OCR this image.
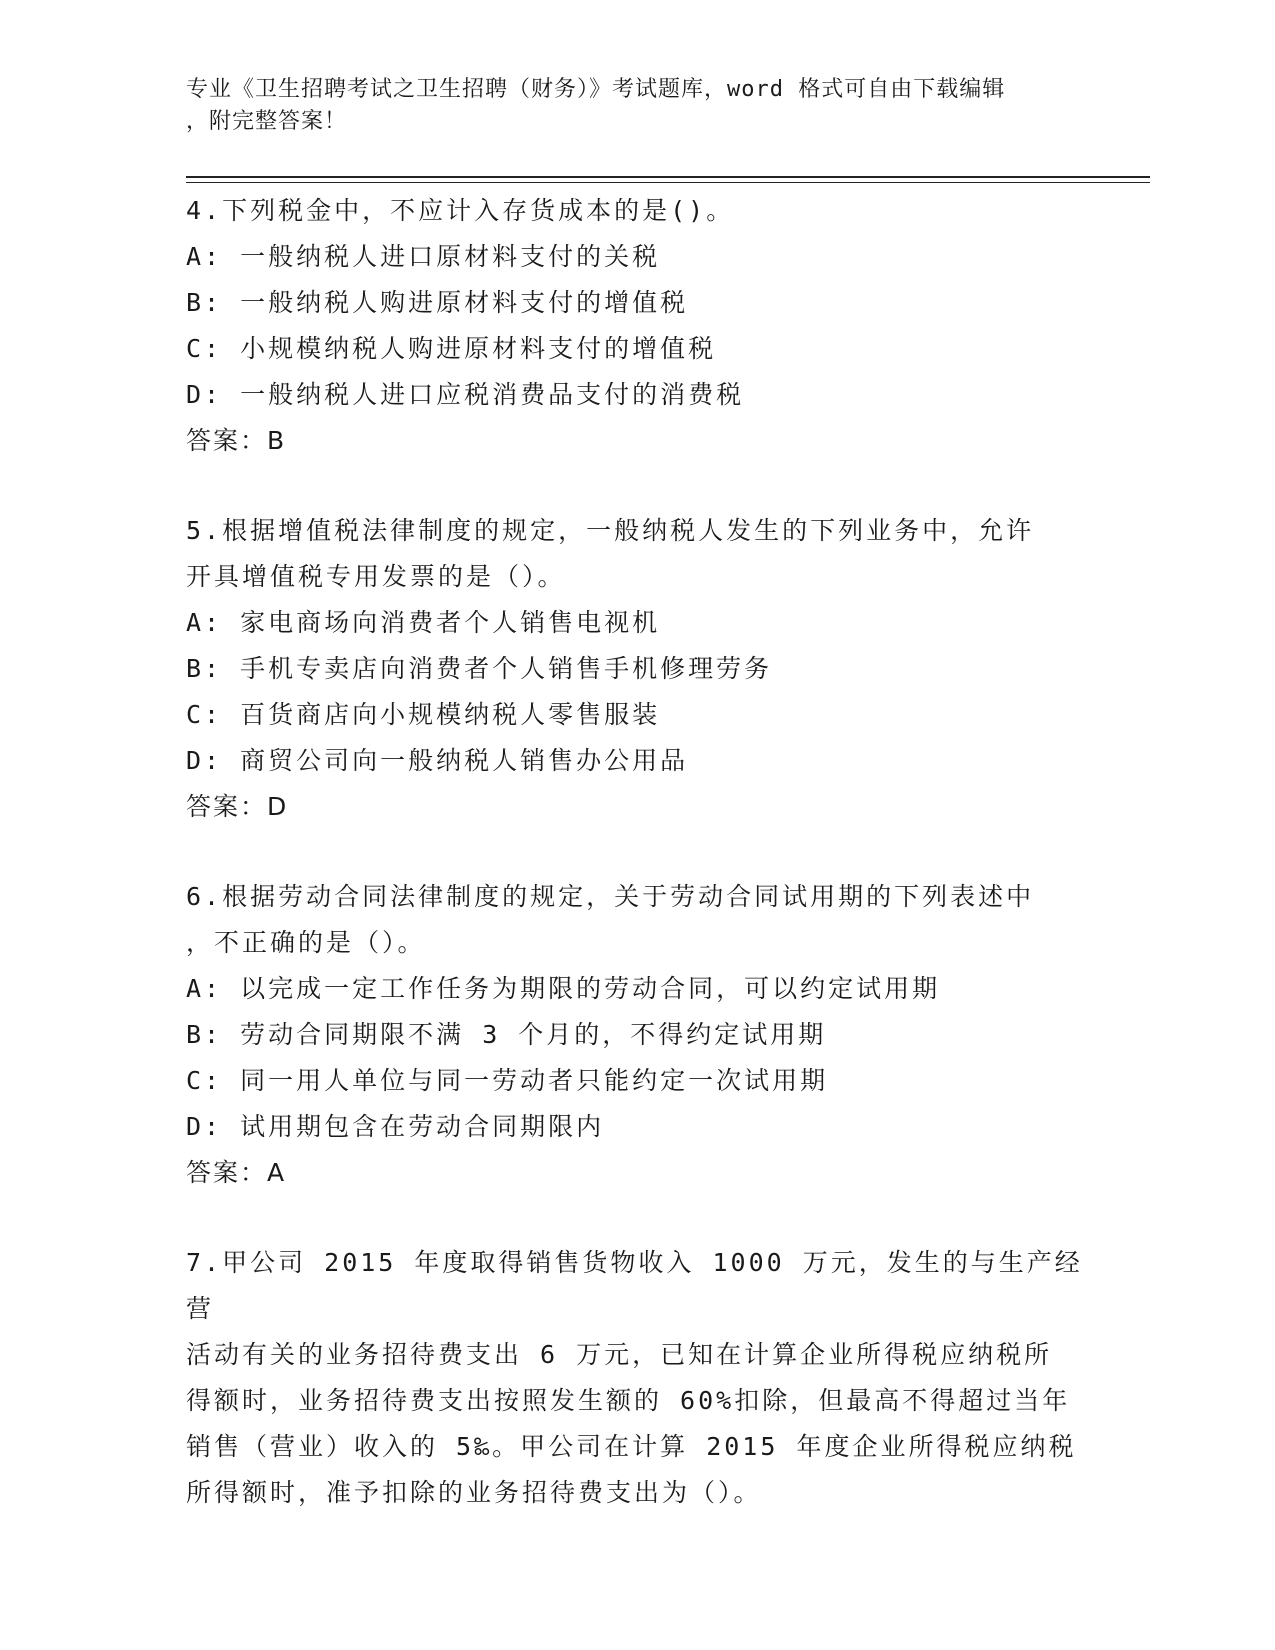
专业《卫生招聘考试之卫生招聘（财务）》考试题库，word 格式可自由下载编辑
，附完整答案！
4.下列税金中，不应计入存货成本的是()。
A: 一般纳税人进口原材料支付的关税
B: 一般纳税人购进原材料支付的增值税
C: 小规模纳税人购进原材料支付的增值税
D: 一般纳税人进口应税消费品支付的消费税
答案：B
5.根据增值税法律制度的规定，一般纳税人发生的下列业务中，允许
开具增值税专用发票的是（）。
A: 家电商场向消费者个人销售电视机
B: 手机专卖店向消费者个人销售手机修理劳务
C: 百货商店向小规模纳税人零售服装
D: 商贸公司向一般纳税人销售办公用品
答案：D
6.根据劳动合同法律制度的规定，关于劳动合同试用期的下列表述中
，不正确的是（）。
A: 以完成一定工作任务为期限的劳动合同，可以约定试用期
B: 劳动合同期限不满 3 个月的，不得约定试用期
C: 同一用人单位与同一劳动者只能约定一次试用期
D: 试用期包含在劳动合同期限内
答案：A
7.甲公司 2015 年度取得销售货物收入 1000 万元，发生的与生产经营
活动有关的业务招待费支出 6 万元，已知在计算企业所得税应纳税所
得额时，业务招待费支出按照发生额的 60%扣除，但最高不得超过当年
销售（营业）收入的 5‰。甲公司在计算 2015 年度企业所得税应纳税
所得额时，准予扣除的业务招待费支出为（）。
